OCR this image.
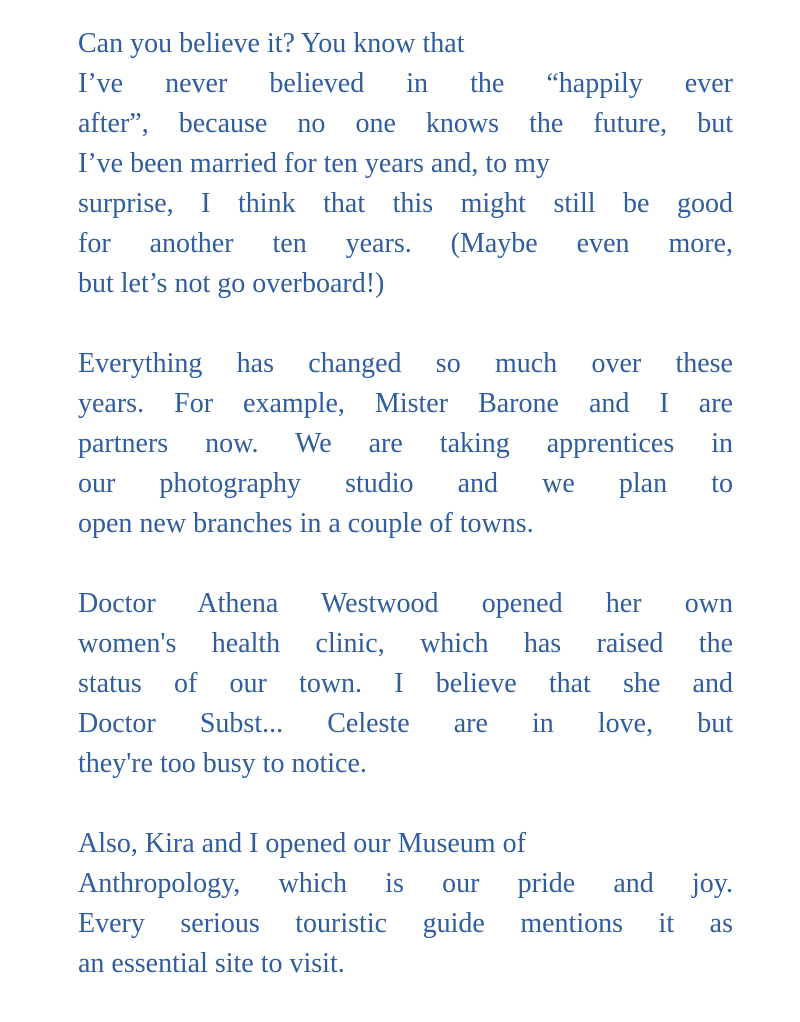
Can you believe it? You know that
I’ve never believed in the “happily ever
after”, because no one knows the future, but
I’ve been married for ten years and, to my
surprise, I think that this might still be good
for another ten years. (Maybe even more,
but let’s not go overboard!)
Everything has changed so much over these
years. For example, Mister Barone and I are
partners now. We are taking apprentices in
our photography studio and we plan to
open new branches in a couple of towns.
Doctor Athena Westwood opened her own
women's health clinic, which has raised the
status of our town. I believe that she and
Doctor Subst... Celeste are in love, but
they're too busy to notice.
Also, Kira and I opened our Museum of
Anthropology, which is our pride and joy.
Every serious touristic guide mentions it as
an essential site to visit.
